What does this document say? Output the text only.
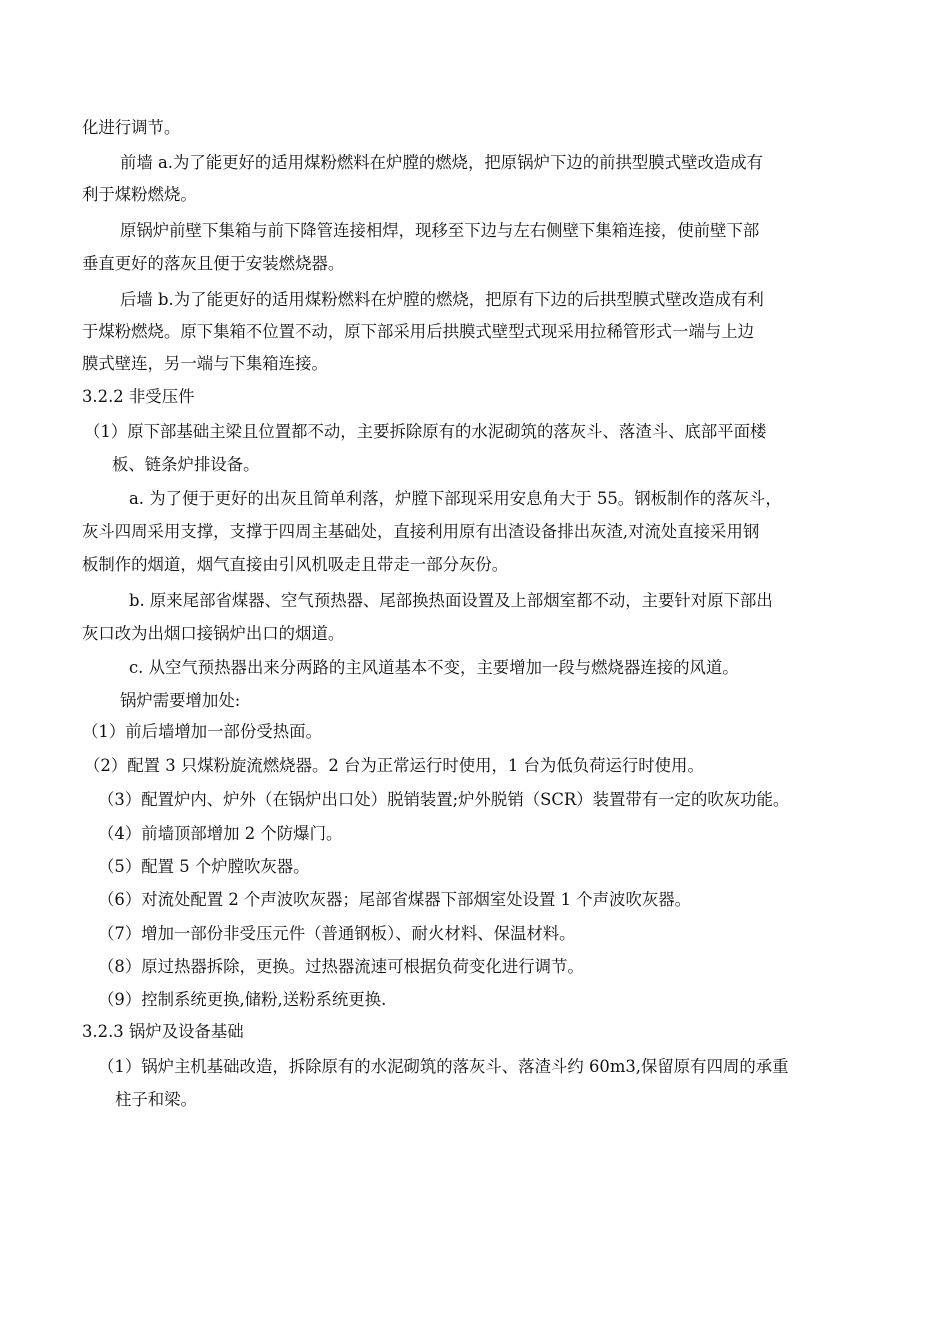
化进行调节。
前墙 a.为了能更好的适用煤粉燃料在炉膛的燃烧，把原锅炉下边的前拱型膜式壁改造成有
利于煤粉燃烧。
原锅炉前壁下集箱与前下降管连接相焊，现移至下边与左右侧壁下集箱连接，使前壁下部
垂直更好的落灰且便于安装燃烧器。
后墙 b.为了能更好的适用煤粉燃料在炉膛的燃烧，把原有下边的后拱型膜式壁改造成有利
于煤粉燃烧。原下集箱不位置不动，原下部采用后拱膜式壁型式现采用拉稀管形式一端与上边
膜式壁连，另一端与下集箱连接。
3.2.2 非受压件
（1）原下部基础主梁且位置都不动，主要拆除原有的水泥砌筑的落灰斗、落渣斗、底部平面楼
板、链条炉排设备。
a. 为了便于更好的出灰且简单利落，炉膛下部现采用安息角大于 55。钢板制作的落灰斗，
灰斗四周采用支撑，支撑于四周主基础处，直接利用原有出渣设备排出灰渣,对流处直接采用钢
板制作的烟道，烟气直接由引风机吸走且带走一部分灰份。
b. 原来尾部省煤器、空气预热器、尾部换热面设置及上部烟室都不动，主要针对原下部出
灰口改为出烟口接锅炉出口的烟道。
c. 从空气预热器出来分两路的主风道基本不变，主要增加一段与燃烧器连接的风道。
锅炉需要增加处:
（1）前后墙增加一部份受热面。
（2）配置 3 只煤粉旋流燃烧器。2 台为正常运行时使用，1 台为低负荷运行时使用。
（3）配置炉内、炉外（在锅炉出口处）脱销装置;炉外脱销（SCR）装置带有一定的吹灰功能。
（4）前墙顶部增加 2 个防爆门。
（5）配置 5 个炉膛吹灰器。
（6）对流处配置 2 个声波吹灰器；尾部省煤器下部烟室处设置 1 个声波吹灰器。
（7）增加一部份非受压元件（普通钢板）、耐火材料、保温材料。
（8）原过热器拆除，更换。过热器流速可根据负荷变化进行调节。
（9）控制系统更换,储粉,送粉系统更换.
3.2.3 锅炉及设备基础
（1）锅炉主机基础改造，拆除原有的水泥砌筑的落灰斗、落渣斗约 60m3,保留原有四周的承重
柱子和梁。
